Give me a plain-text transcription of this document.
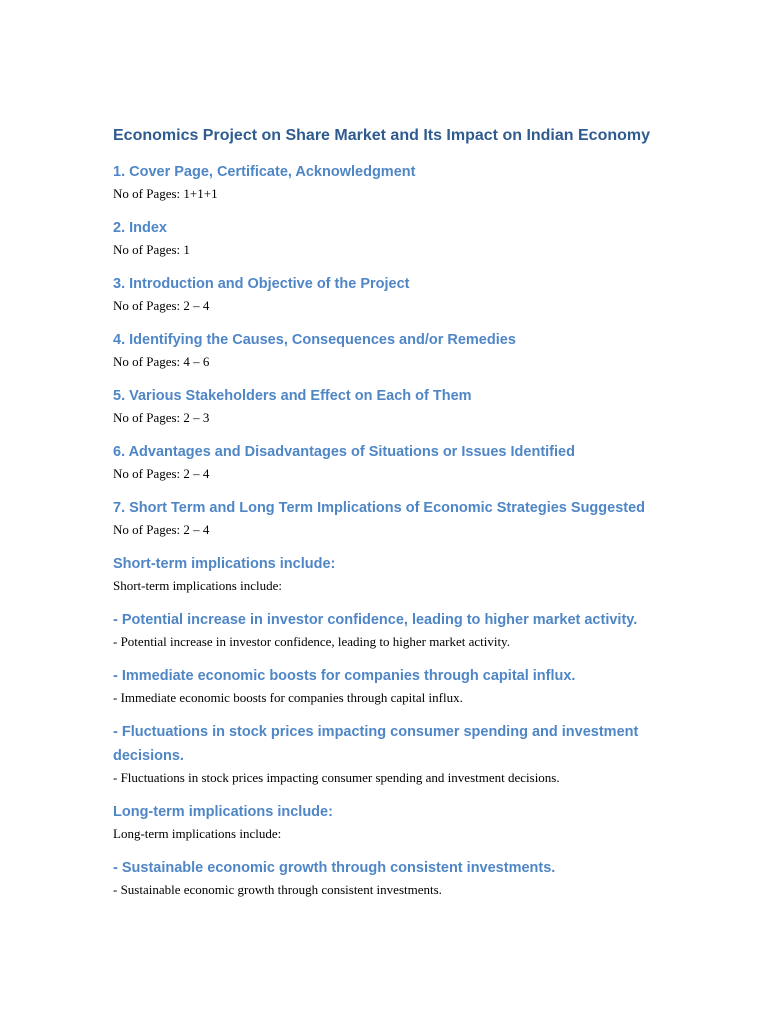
Economics Project on Share Market and Its Impact on Indian Economy
1. Cover Page, Certificate, Acknowledgment
No of Pages: 1+1+1
2. Index
No of Pages: 1
3. Introduction and Objective of the Project
No of Pages: 2 – 4
4. Identifying the Causes, Consequences and/or Remedies
No of Pages: 4 – 6
5. Various Stakeholders and Effect on Each of Them
No of Pages: 2 – 3
6. Advantages and Disadvantages of Situations or Issues Identified
No of Pages: 2 – 4
7. Short Term and Long Term Implications of Economic Strategies Suggested
No of Pages: 2 – 4
Short-term implications include:
Short-term implications include:
- Potential increase in investor confidence, leading to higher market activity.
- Potential increase in investor confidence, leading to higher market activity.
- Immediate economic boosts for companies through capital influx.
- Immediate economic boosts for companies through capital influx.
- Fluctuations in stock prices impacting consumer spending and investment decisions.
- Fluctuations in stock prices impacting consumer spending and investment decisions.
Long-term implications include:
Long-term implications include:
- Sustainable economic growth through consistent investments.
- Sustainable economic growth through consistent investments.
